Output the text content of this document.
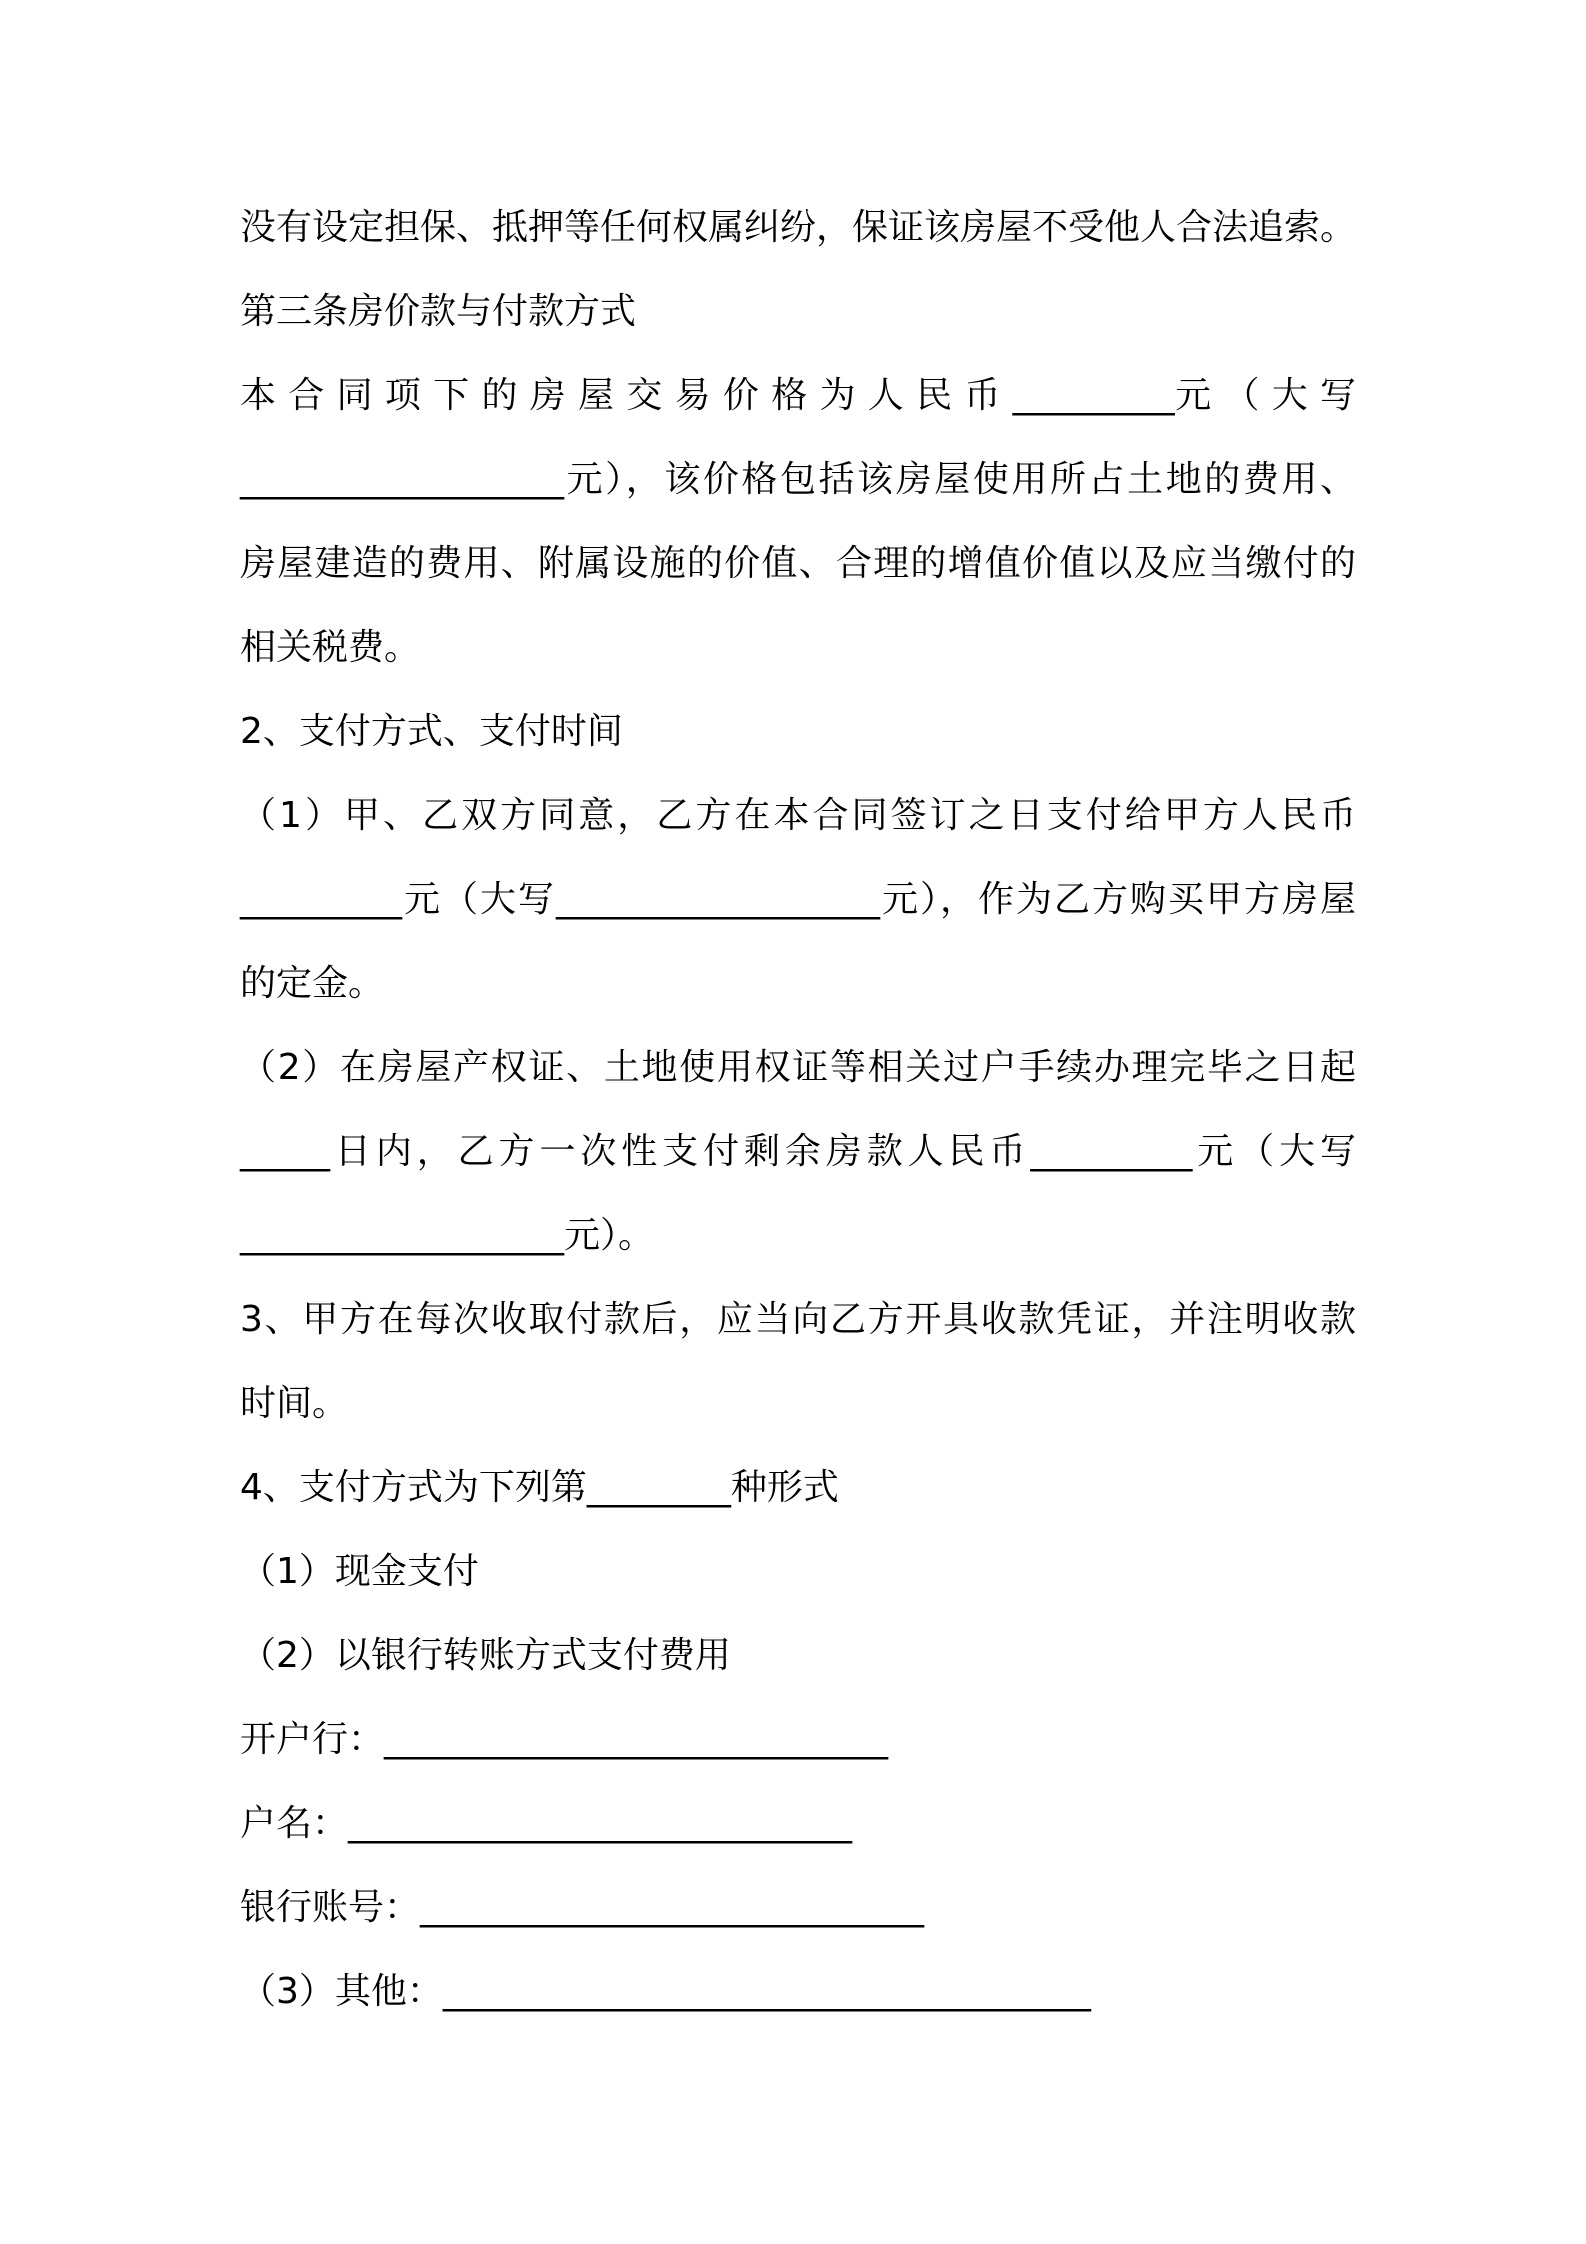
没有设定担保、抵押等任何权属纠纷，保证该房屋不受他人合法追索。
第三条房价款与付款方式
本 合 同 项 下 的 房 屋 交 易 价 格 为 人 民 币 _________元 （ 大 写
__________________元），该价格包括该房屋使用所占土地的费用、
房屋建造的费用、附属设施的价值、合理的增值价值以及应当缴付的
相关税费。
2、支付方式、支付时间
（1）甲、乙双方同意，乙方在本合同签订之日支付给甲方人民币
_________元（大写__________________元），作为乙方购买甲方房屋
的定金。
（2）在房屋产权证、土地使用权证等相关过户手续办理完毕之日起
_____日内，乙方一次性支付剩余房款人民币_________元（大写
__________________元）。
3、甲方在每次收取付款后，应当向乙方开具收款凭证，并注明收款
时间。
4、支付方式为下列第________种形式
（1）现金支付
（2）以银行转账方式支付费用
开户行：____________________________
户名：____________________________
银行账号：____________________________
（3）其他：____________________________________
